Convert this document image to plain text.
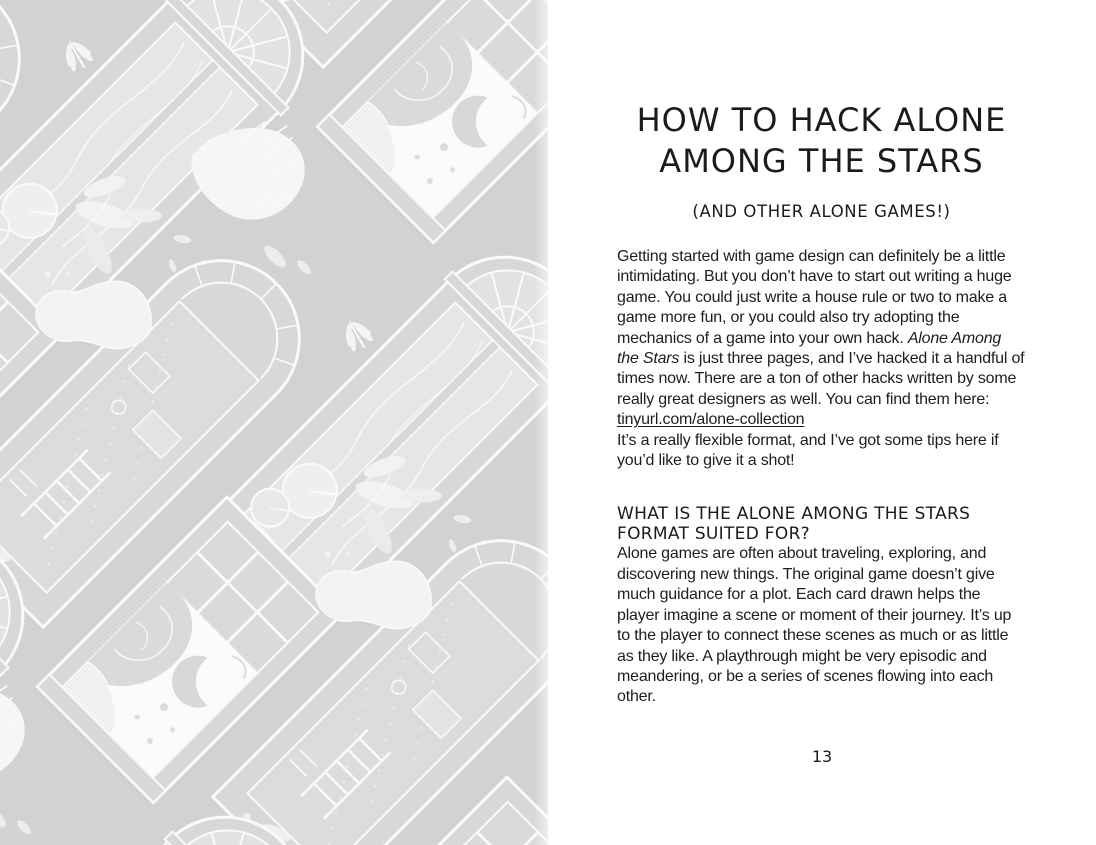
HOW TO HACK ALONE
AMONG THE STARS

(AND OTHER ALONE GAMES!)

Getting started with game design can definitely be a little intimidating. But you don’t have to start out writing a huge game. You could just write a house rule or two to make a game more fun, or you could also try adopting the mechanics of a game into your own hack. Alone Among the Stars is just three pages, and I’ve hacked it a handful of times now. There are a ton of other hacks written by some really great designers as well. You can find them here: tinyurl.com/alone-collection
It’s a really flexible format, and I’ve got some tips here if you’d like to give it a shot!

WHAT IS THE ALONE AMONG THE STARS FORMAT SUITED FOR?

Alone games are often about traveling, exploring, and discovering new things. The original game doesn’t give much guidance for a plot. Each card drawn helps the player imagine a scene or moment of their journey. It’s up to the player to connect these scenes as much or as little as they like. A playthrough might be very episodic and meandering, or be a series of scenes flowing into each other.

13
